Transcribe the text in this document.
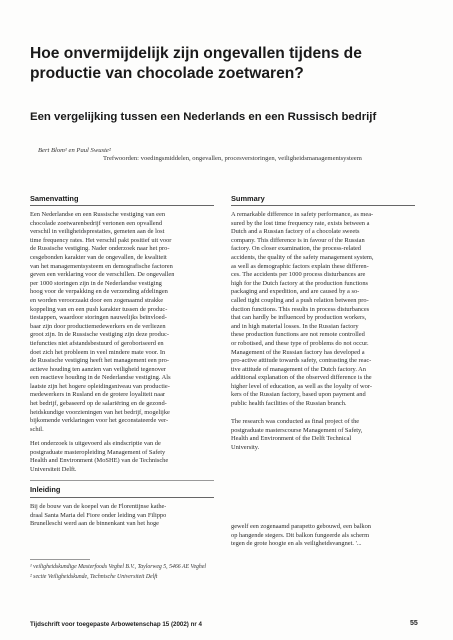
Hoe onvermijdelijk zijn ongevallen tijdens de productie van chocolade zoetwaren?
Een vergelijking tussen een Nederlands en een Russisch bedrijf
Bert Blom¹ en Paul Swuste²
Trefwoorden: voedingsmiddelen, ongevallen, procesverstoringen, veiligheidsmanagementsysteem
Samenvatting
Een Nederlandse en een Russische vestiging van een
chocolade zoetwarenbedrijf vertonen een opvallend
verschil in veiligheidsprestaties, gemeten aan de lost
time frequency rates. Het verschil pakt positief uit voor
de Russische vestiging. Nader onderzoek naar het pro-
cesgebonden karakter van de ongevallen, de kwaliteit
van het managementsysteem en demografische factoren
geven een verklaring voor de verschillen. De ongevallen
per 1000 storingen zijn in de Nederlandse vestiging
hoog voor de verpakking en de verzending afdelingen
en worden veroorzaakt door een zogenaamd strakke
koppeling van en een push karakter tussen de produc-
tiestappen, waardoor storingen nauwelijks beïnvloed-
baar zijn door productiemedewerkers en de verliezen
groot zijn. In de Russische vestiging zijn deze produc-
tiefuncties niet afstandsbestuurd of geroboriseerd en
doet zich het probleem in veel mindere mate voor. In
de Russische vestiging heeft het management een pro-
actieve houding ten aanzien van veiligheid tegenover
een reactieve houding in de Nederlandse vestiging. Als
laatste zijn het hogere opleidingsniveau van productie-
medewerkers in Rusland en de grotere loyaliteit naar
het bedrijf, gebaseerd op de salariëring en de gezond-
heidskundige voorzieningen van het bedrijf, mogelijke
bijkomende verklaringen voor het geconstateerde ver-
schil.
Het onderzoek is uitgevoerd als eindscriptie van de
postgraduate masteropleiding Management of Safety
Health and Environment (MoSHE) van de Technische
Universiteit Delft.
Summary
A remarkable difference in safety performance, as mea-
sured by the lost time frequency rate, exists between a
Dutch and a Russian factory of a chocolate sweets
company. This difference is in favour of the Russian
factory. On closer examination, the process-related
accidents, the quality of the safety management system,
as well as demographic factors explain these differen-
ces. The accidents per 1000 process disturbances are
high for the Dutch factory at the production functions
packaging and expedition, and are caused by a so-
called tight coupling and a push relation between pro-
duction functions. This results in process disturbances
that can hardly be influenced by production workers,
and in high material losses. In the Russian factory
these production functions are not remote controlled
or robotised, and these type of problems do not occur.
Management of the Russian factory has developed a
pro-active attitude towards safety, contrasting the reac-
tive attitude of management of the Dutch factory. An
additional explanation of the observed difference is the
higher level of education, as well as the loyalty of wor-
kers of the Russian factory, based upon payment and
public health facilities of the Russian branch.
The research was conducted as final project of the
postgraduate masterscourse Management of Safety,
Health and Environment of the Delft Technical
University.
Inleiding
Bij de bouw van de koepel van de Florentijnse kathe-
draal Santa Maria del Fiore onder leiding van Filippo
Brunelleschi werd aan de binnenkant van het hoge	gewelf een zogenaamd parapetto gebouwd, een balkon
op hangende stegers. Dit balkon fungeerde als scherm
tegen de grote hoogte en als veiligheidsvangnet. '...
¹ veiligheidskundige Masterfoods Veghel B.V., Taylorweg 5, 5466 AE Veghel
² sectie Veiligheidskunde, Technische Universiteit Delft
Tijdschrift voor toegepaste Arbowetenschap 15 (2002) nr 4	55
